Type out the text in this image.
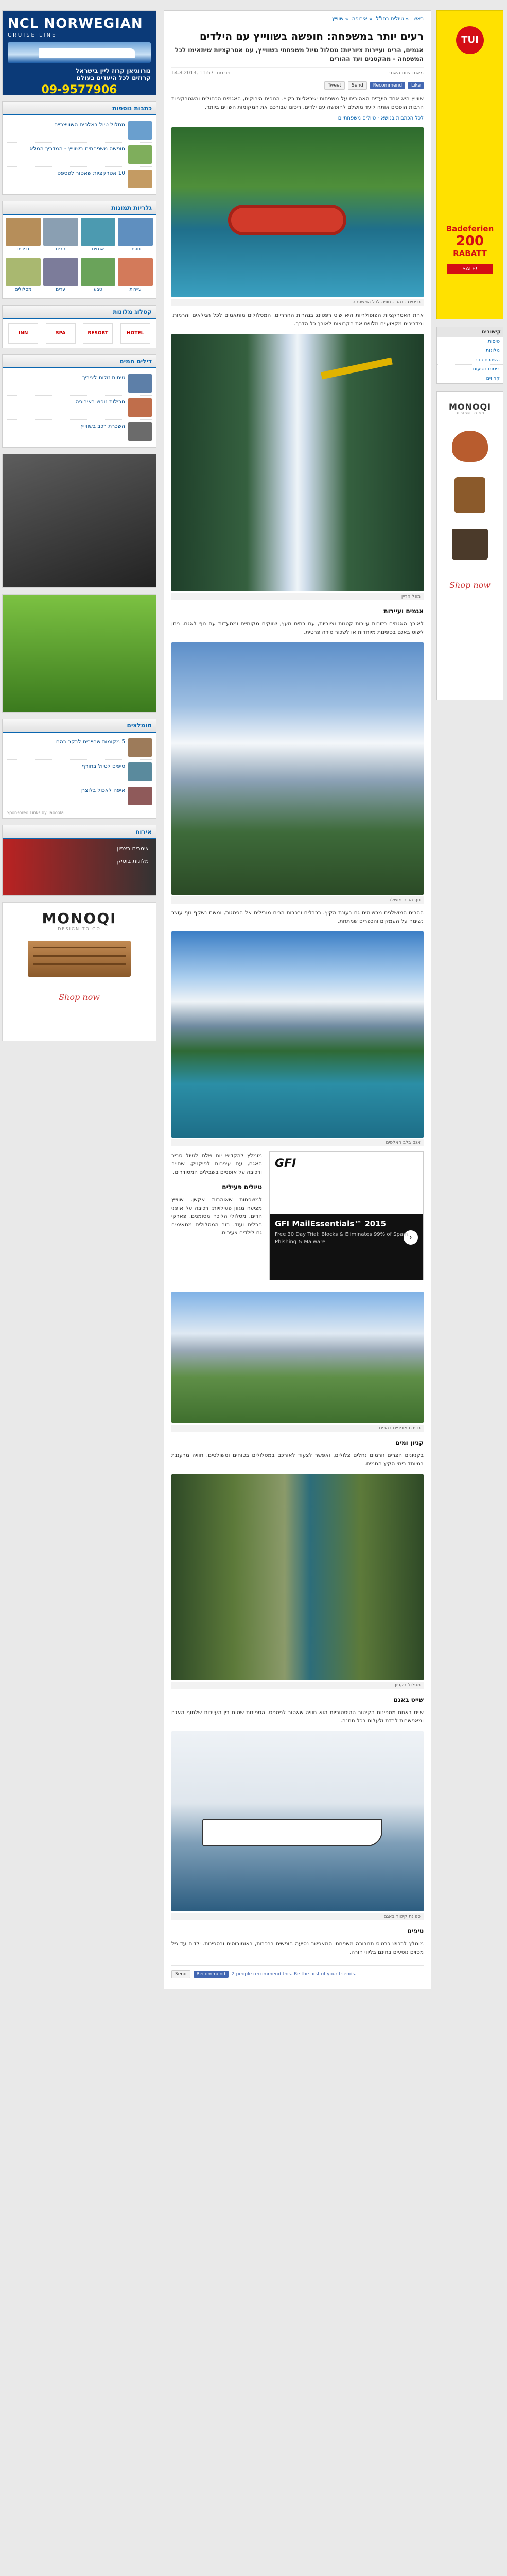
NCL NORWEGIAN
CRUISE LINE
נורווגיאן קרוז ליין בישראל
קרוזים לכל היעדים בעולם
09-9577906
כתבות נוספות
מסלול טיול באלפים השוויצריים
חופשה משפחתית בשווייץ - המדריך המלא
10 אטרקציות שאסור לפספס
גלריות תמונות
נופים
אגמים
הרים
כפרים
עיירות
טבע
ערים
מסלולים
קטלוג מלונות
HOTEL
RESORT
SPA
INN
דילים חמים
טיסות זולות לציריך
חבילות נופש באירופה
השכרת רכב בשווייץ
מומלצים
5 מקומות שחייבים לבקר בהם
טיפים לטיול בחורף
איפה לאכול בלוצרן
Sponsored Links by Taboola
אירוח
צימרים בצפון
מלונות בוטיק
MONOQI
DESIGN TO GO
Shop now
ראשי » טיולים בחו"ל » אירופה » שווייץ
רעים יותר במשפחה: חופשה בשווייץ עם הילדים
אגמים, הרים ועיירות ציוריות: מסלול טיול משפחתי בשווייץ, עם אטרקציות שיתאימו לכל המשפחה - מהקטנים ועד ההורים
מאת: צוות האתר
פורסם: 11:57 ,14.8.2013
Like
Recommend
Send
Tweet

שווייץ היא אחד היעדים האהובים על משפחות ישראליות בקיץ. הנופים הירוקים, האגמים הכחולים והאטרקציות הרבות הופכים אותה ליעד מושלם לחופשה עם ילדים. ריכזנו עבורכם את המקומות השווים ביותר.

לכל הכתבות בנושא - טיולים משפחתיים
רפטינג בנהר - חוויה לכל המשפחה

אחת האטרקציות הפופולריות היא שיט רפטינג בנהרות ההרריים. המסלולים מותאמים לכל הגילאים והרמות, ומדריכים מקצועיים מלווים את הקבוצות לאורך כל הדרך.

מפל הריין
אגמים ועיירות

לאורך האגמים פזורות עיירות קטנות וציוריות, עם בתים מעץ, שווקים מקומיים ומסעדות עם נוף לאגם. ניתן לשוט באגם בספינות מיוחדות או לשכור סירה פרטית.

נוף הרים מושלג

ההרים המושלגים מרשימים גם בעונת הקיץ. רכבלים ורכבות הרים מובילים אל הפסגות, ומשם נשקף נוף עוצר נשימה על העמקים והכפרים שמתחת.

אגם בלב האלפים
GFI
GFI MailEssentials™ 2015
Free 30 Day Trial: Blocks & Eliminates 99% of Spam, Phishing & Malware
›

מומלץ להקדיש יום שלם לטיול סביב האגם, עם עצירות לפיקניק, שחייה ורכיבה על אופניים בשבילים המסודרים.

טיולים פעילים

למשפחות שאוהבות אקשן, שווייץ מציעה מגוון פעילויות: רכיבה על אופני הרים, מסלולי הליכה מסומנים, פארקי חבלים ועוד. רוב המסלולים מתאימים גם לילדים צעירים.

רכיבת אופניים בהרים
קניון ומים

בקניונים הצרים זורמים נחלים צלולים, ואפשר לצעוד לאורכם במסלולים בטוחים ומשולטים. חוויה מרעננת במיוחד בימי הקיץ החמים.

מסלול בקניון
שייט באגם

שייט באחת מספינות הקיטור ההיסטוריות הוא חוויה שאסור לפספס. הספינות שטות בין העיירות שלחוף האגם ומאפשרות לרדת ולעלות בכל תחנה.

ספינת קיטור באגם
טיפים

מומלץ לרכוש כרטיס תחבורה משפחתי המאפשר נסיעה חופשית ברכבות, באוטובוסים ובספינות. ילדים עד גיל מסוים נוסעים בחינם בליווי הורה.

Send	Recommend	2 people recommend this. Be the first of your friends.
TUI
Badeferien
200
RABATT
SALE!
קישורים
טיסות
מלונות
השכרת רכב
ביטוח נסיעות
קרוזים
MONOQI
DESIGN TO GO
Shop now
